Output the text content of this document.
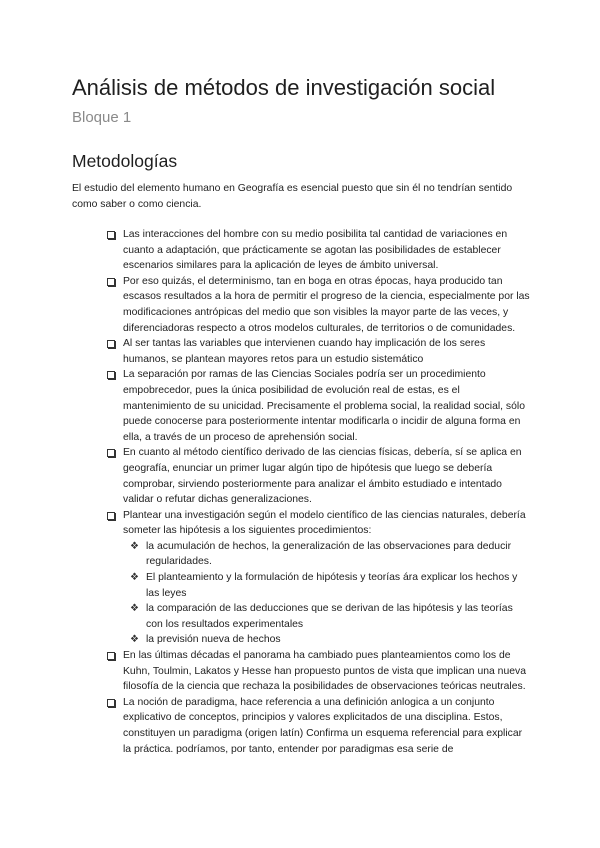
Análisis de métodos de investigación social
Bloque 1
Metodologías

El estudio del elemento humano en Geografía es esencial puesto que sin él no tendrían sentido como saber o como ciencia.

Las interacciones del hombre con su medio posibilita tal cantidad de variaciones en cuanto a adaptación, que prácticamente se agotan las posibilidades de establecer escenarios similares para la aplicación de leyes de ámbito universal.
Por eso quizás, el determinismo, tan en boga en otras épocas, haya producido tan escasos resultados a la hora de permitir el progreso de la ciencia, especialmente por las modificaciones antrópicas del medio que son visibles la mayor parte de las veces, y diferenciadoras respecto a otros modelos culturales, de territorios o de comunidades.
Al ser tantas las variables que intervienen cuando hay implicación de los seres humanos, se plantean mayores retos para un estudio sistemático
La separación por ramas de las Ciencias Sociales podría ser un procedimiento empobrecedor, pues la única posibilidad de evolución real de estas, es el mantenimiento de su unicidad. Precisamente el problema social, la realidad social, sólo puede conocerse para posteriormente intentar modificarla o incidir de alguna forma en ella, a través de un proceso de aprehensión social.
En cuanto al método científico derivado de las ciencias físicas, debería, sí se aplica en geografía, enunciar un primer lugar algún tipo de hipótesis que luego se debería comprobar, sirviendo posteriormente para analizar el ámbito estudiado e intentado validar o refutar dichas generalizaciones.
Plantear una investigación según el modelo científico de las ciencias naturales, debería someter las hipótesis a los siguientes procedimientos:
❖ la acumulación de hechos, la generalización de las observaciones para deducir regularidades.
❖ El planteamiento y la formulación de hipótesis y teorías ára explicar los hechos y las leyes
❖ la comparación de las deducciones que se derivan de las hipótesis y las teorías con los resultados experimentales
❖ la previsión nueva de hechos
En las últimas décadas el panorama ha cambiado pues planteamientos como los de Kuhn, Toulmin, Lakatos y Hesse han propuesto puntos de vista que implican una nueva filosofía de la ciencia que rechaza la posibilidades de observaciones teóricas neutrales.
La noción de paradigma, hace referencia a una definición anlogica a un conjunto explicativo de conceptos, principios y valores explicitados de una disciplina. Estos, constituyen un paradigma (origen latín) Confirma un esquema referencial para explicar la práctica. podríamos, por tanto, entender por paradigmas esa serie de
